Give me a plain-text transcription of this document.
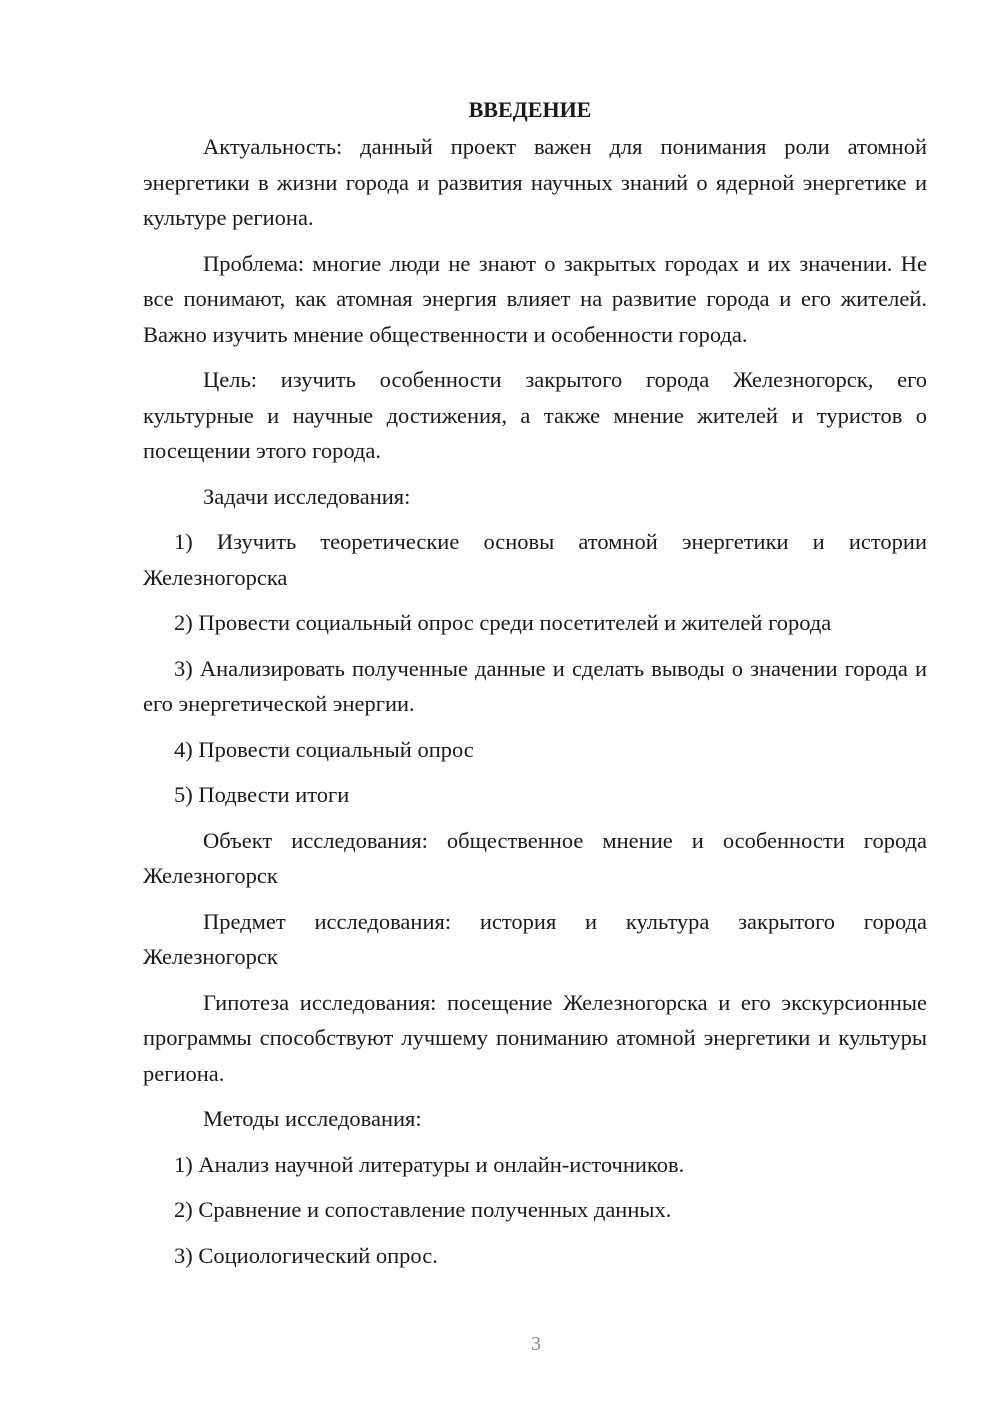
ВВЕДЕНИЕ

Актуальность: данный проект важен для понимания роли атомной энергетики в жизни города и развития научных знаний о ядерной энергетике и культуре региона.

Проблема: многие люди не знают о закрытых городах и их значении. Не все понимают, как атомная энергия влияет на развитие города и его жителей. Важно изучить мнение общественности и особенности города.

Цель: изучить особенности закрытого города Железногорск, его культурные и научные достижения, а также мнение жителей и туристов о посещении этого города.

Задачи исследования:

1) Изучить теоретические основы атомной энергетики и истории Железногорска

2) Провести социальный опрос среди посетителей и жителей города

3) Анализировать полученные данные и сделать выводы о значении города и его энергетической энергии.

4) Провести социальный опрос

5) Подвести итоги

Объект исследования: общественное мнение и особенности города Железногорск

Предмет исследования: история и культура закрытого города Железногорск

Гипотеза исследования: посещение Железногорска и его экскурсионные программы способствуют лучшему пониманию атомной энергетики и культуры региона.

Методы исследования:

1) Анализ научной литературы и онлайн-источников.

2) Сравнение и сопоставление полученных данных.

3) Социологический опрос.

3
